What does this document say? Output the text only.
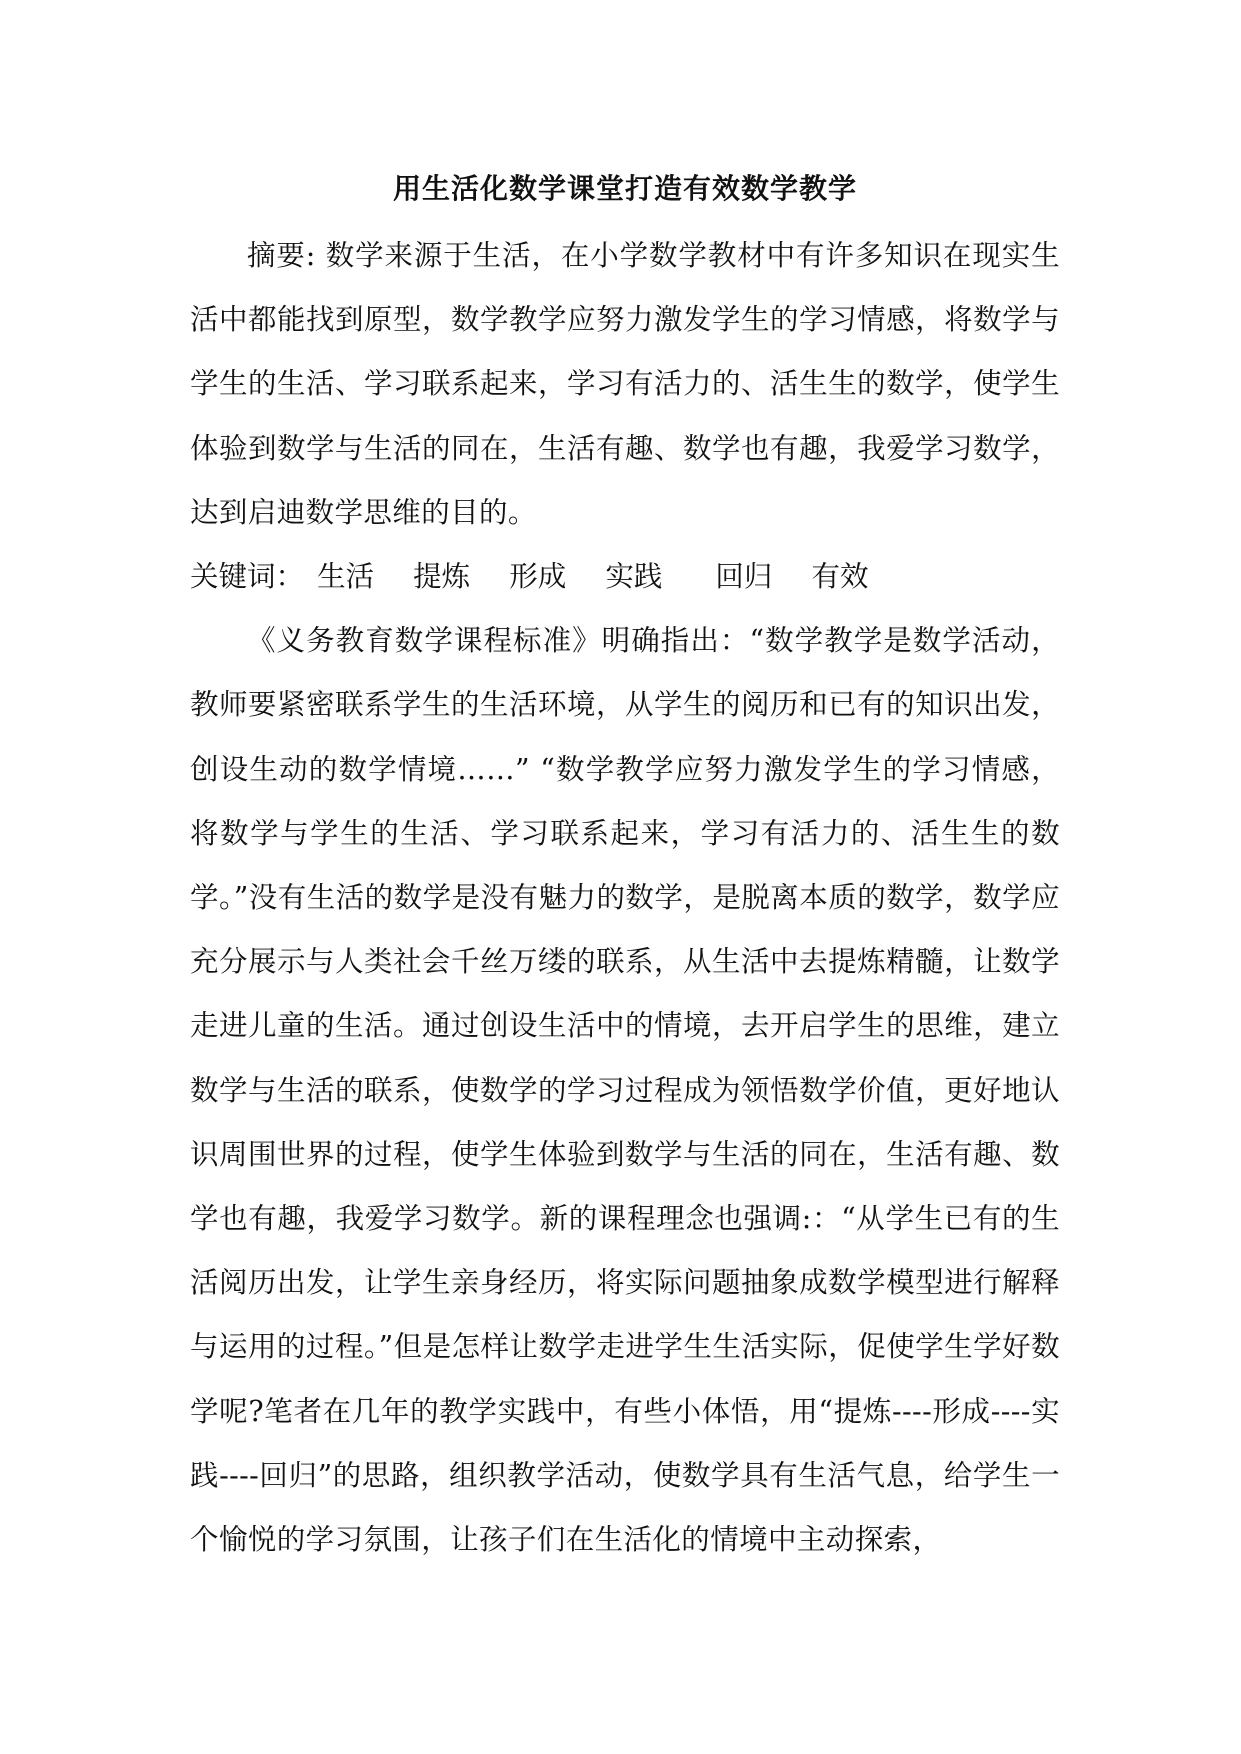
用生活化数学课堂打造有效数学教学

摘要: 数学来源于生活，在小学数学教材中有许多知识在现实生活中都能找到原型，数学教学应努力激发学生的学习情感，将数学与学生的生活、学习联系起来，学习有活力的、活生生的数学，使学生体验到数学与生活的同在，生活有趣、数学也有趣，我爱学习数学，达到启迪数学思维的目的。

关键词： 生活 提炼 形成 实践 回归 有效

《义务教育数学课程标准》明确指出：“数学教学是数学活动，教师要紧密联系学生的生活环境，从学生的阅历和已有的知识出发，创设生动的数学情境……” “数学教学应努力激发学生的学习情感，将数学与学生的生活、学习联系起来，学习有活力的、活生生的数学。”没有生活的数学是没有魅力的数学，是脱离本质的数学，数学应充分展示与人类社会千丝万缕的联系，从生活中去提炼精髓，让数学走进儿童的生活。通过创设生活中的情境，去开启学生的思维，建立数学与生活的联系，使数学的学习过程成为领悟数学价值，更好地认识周围世界的过程，使学生体验到数学与生活的同在，生活有趣、数学也有趣，我爱学习数学。新的课程理念也强调:：“从学生已有的生活阅历出发，让学生亲身经历，将实际问题抽象成数学模型进行解释与运用的过程。”但是怎样让数学走进学生生活实际，促使学生学好数学呢?笔者在几年的教学实践中，有些小体悟，用“提炼----形成----实践----回归”的思路，组织教学活动，使数学具有生活气息，给学生一个愉悦的学习氛围，让孩子们在生活化的情境中主动探索，
